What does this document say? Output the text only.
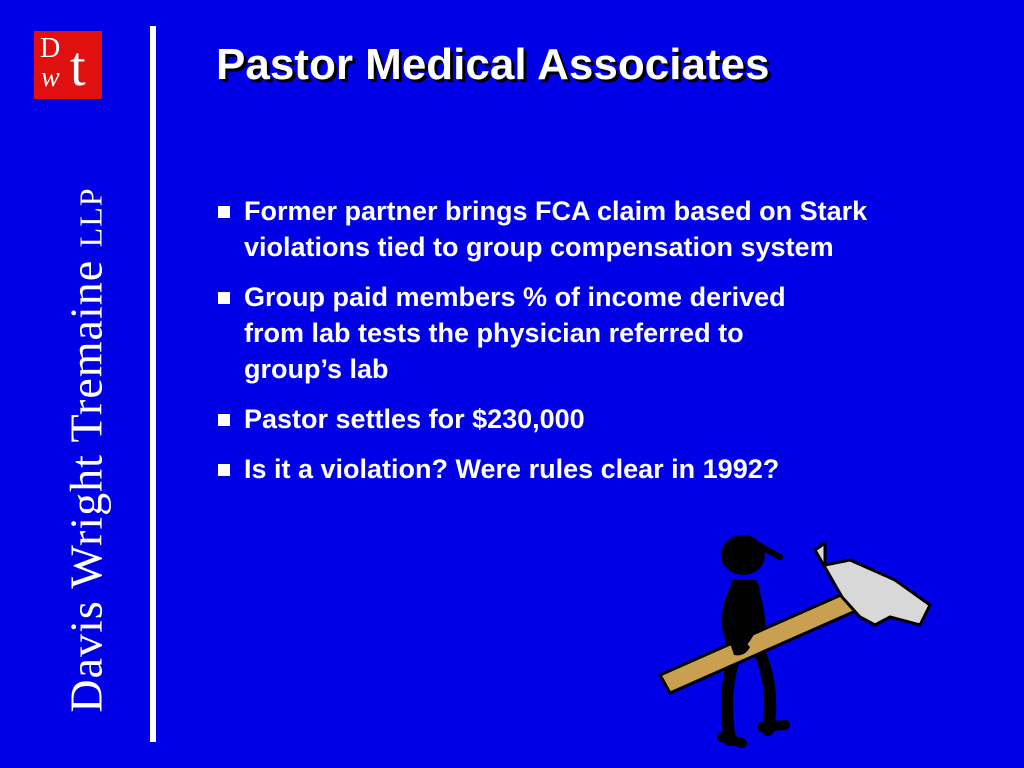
D
w t
Davis Wright Tremaine LLP
Pastor Medical Associates
Former partner brings FCA claim based on Stark violations tied to group compensation system
Group paid members % of income derived from lab tests the physician referred to group’s lab
Pastor settles for $230,000
Is it a violation? Were rules clear in 1992?
